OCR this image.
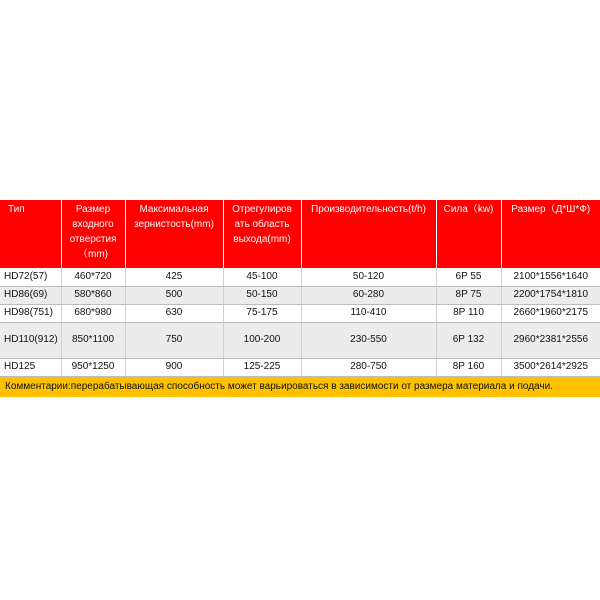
Тип	Размер входного отверстия（mm)	Максимальная зернистость(mm)	Отрегулиров ать область выхода(mm)	Производительность(t/h)	Сила（kw)	Размер（Д*Ш*Ф)
HD72(57)	460*720	425	45-100	50-120	6P 55	2100*1556*1640
HD86(69)	580*860	500	50-150	60-280	8P 75	2200*1754*1810
HD98(751)	680*980	630	75-175	110-410	8P 110	2660*1960*2175
HD110(912)	850*1100	750	100-200	230-550	6P 132	2960*2381*2556
HD125	950*1250	900	125-225	280-750	8P 160	3500*2614*2925
Комментарии:перерабатывающая способность может варьироваться в зависимости от размера материала и подачи.
